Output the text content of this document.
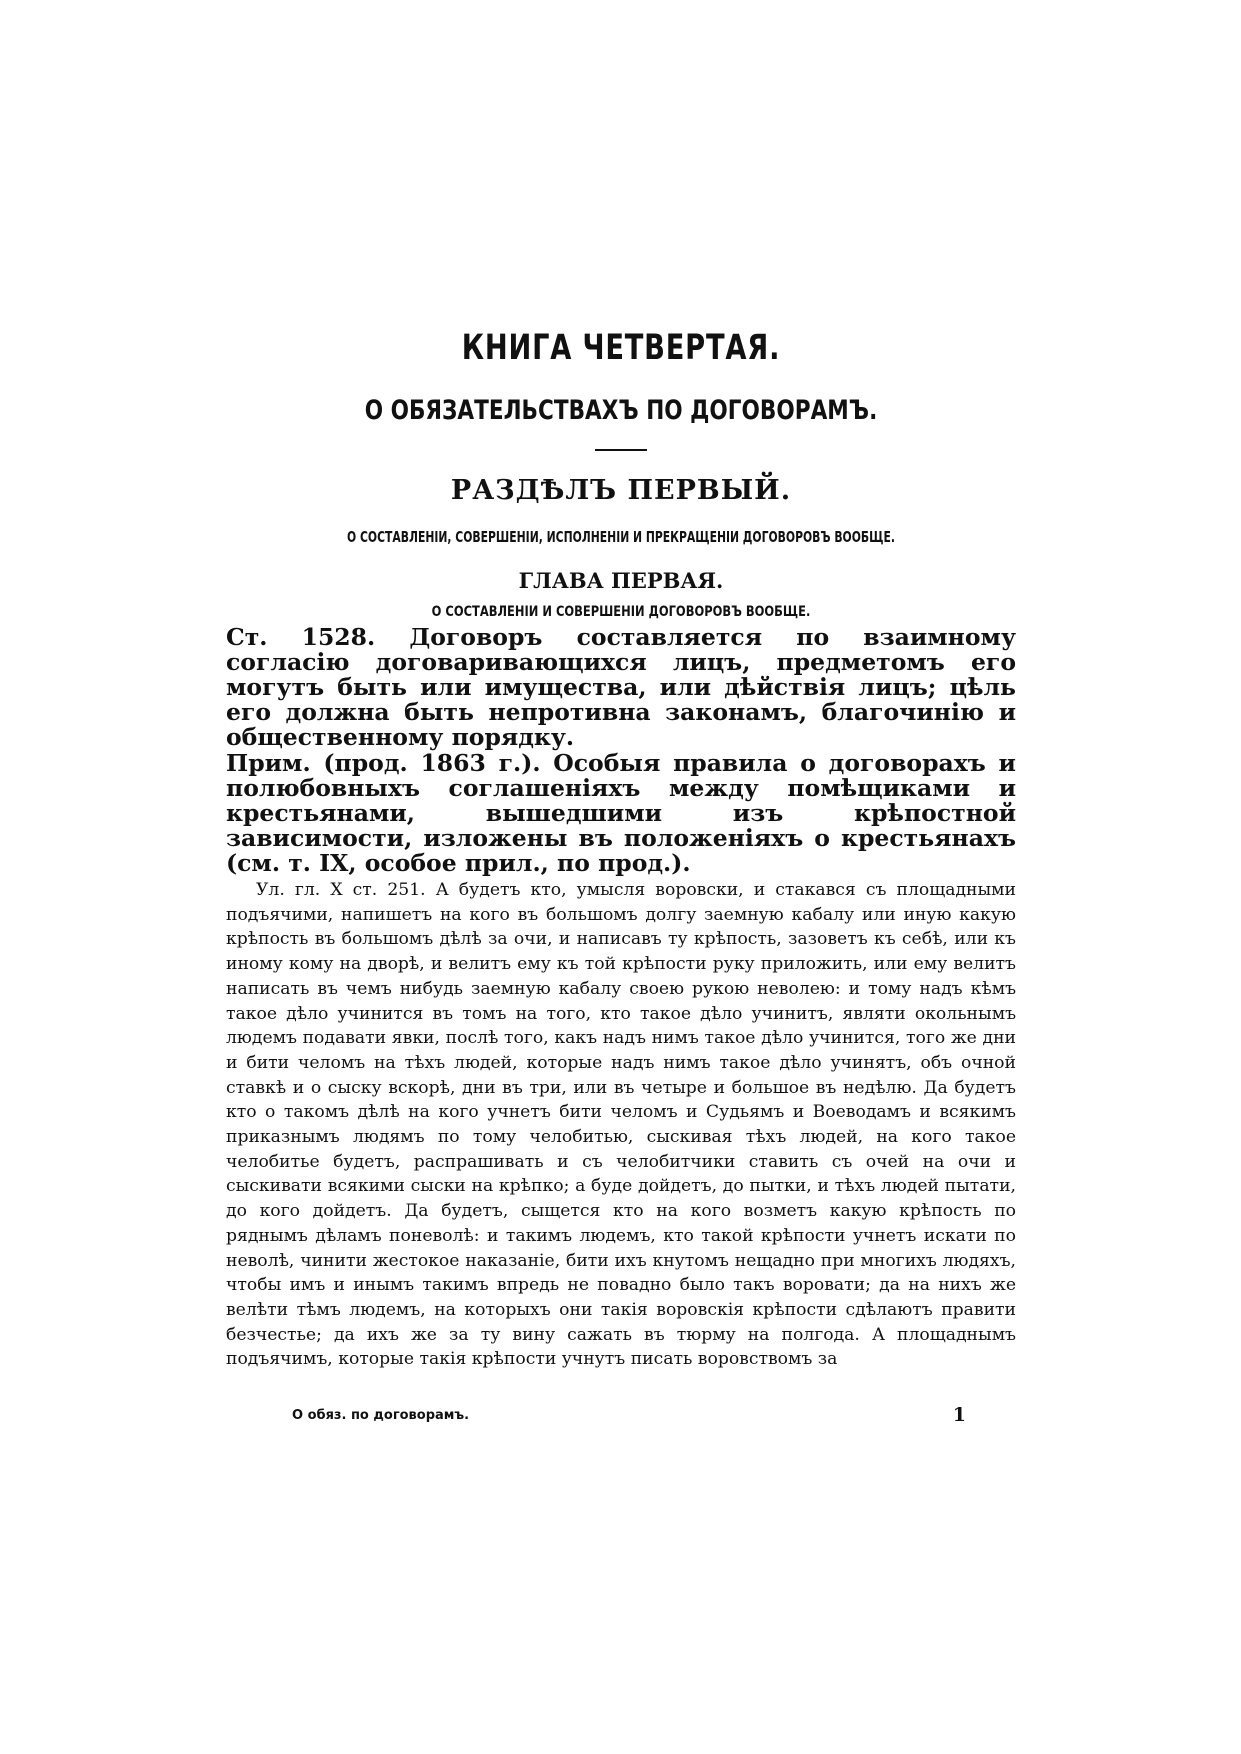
КНИГА ЧЕТВЕРТАЯ.
О ОБЯЗАТЕЛЬСТВАХЪ ПО ДОГОВОРАМЪ.
РАЗДѢЛЪ ПЕРВЫЙ.
О СОСТАВЛЕНІИ, СОВЕРШЕНІИ, ИСПОЛНЕНІИ И ПРЕКРАЩЕНІИ ДОГОВОРОВЪ ВООБЩЕ.
ГЛАВА ПЕРВАЯ.
О СОСТАВЛЕНІИ И СОВЕРШЕНІИ ДОГОВОРОВЪ ВООБЩЕ.

Ст. 1528. Договоръ составляется по взаимному согласію договаривающихся лицъ, предметомъ его могутъ быть или имущества, или дѣйствія лицъ; цѣль его должна быть непротивна законамъ, благочинію и общественному порядку.

Прим. (прод. 1863 г.). Особыя правила о договорахъ и полюбовныхъ соглашеніяхъ между помѣщиками и крестьянами, вышедшими изъ крѣпостной зависимости, изложены въ положеніяхъ о крестьянахъ (см. т. IX, особое прил., по прод.).

Ул. гл. X ст. 251. А будетъ кто, умысля воровски, и стакався съ площадными подъячими, напишетъ на кого въ большомъ долгу заемную кабалу или иную какую крѣпость въ большомъ дѣлѣ за очи, и написавъ ту крѣпость, зазоветъ къ себѣ, или къ иному кому на дворѣ, и велитъ ему къ той крѣпости руку приложить, или ему велитъ написать въ чемъ нибудь заемную кабалу своею рукою неволею: и тому надъ кѣмъ такое дѣло учинится въ томъ на того, кто такое дѣло учинитъ, являти окольнымъ людемъ подавати явки, послѣ того, какъ надъ нимъ такое дѣло учинится, того же дни и бити челомъ на тѣхъ людей, которые надъ нимъ такое дѣло учинятъ, объ очной ставкѣ и о сыску вскорѣ, дни въ три, или въ четыре и большое въ недѣлю. Да будетъ кто о такомъ дѣлѣ на кого учнетъ бити челомъ и Судьямъ и Воеводамъ и всякимъ приказнымъ людямъ по тому челобитью, сыскивая тѣхъ людей, на кого такое челобитье будетъ, распрашивать и съ челобитчики ставить съ очей на очи и сыскивати всякими сыски на крѣпко; а буде дойдетъ, до пытки, и тѣхъ людей пытати, до кого дойдетъ. Да будетъ, сыщется кто на кого возметъ какую крѣпость по ряднымъ дѣламъ поневолѣ: и такимъ людемъ, кто такой крѣпости учнетъ искати по неволѣ, чинити жестокое наказаніе, бити ихъ кнутомъ нещадно при многихъ людяхъ, чтобы имъ и инымъ такимъ впредь не повадно было такъ воровати; да на нихъ же велѣти тѣмъ людемъ, на которыхъ они такія воровскія крѣпости сдѣлаютъ правити безчестье; да ихъ же за ту вину сажать въ тюрму на полгода. А площаднымъ подъячимъ, которые такія крѣпости учнутъ писать воровствомъ за

О обяз. по договорамъ.	1
